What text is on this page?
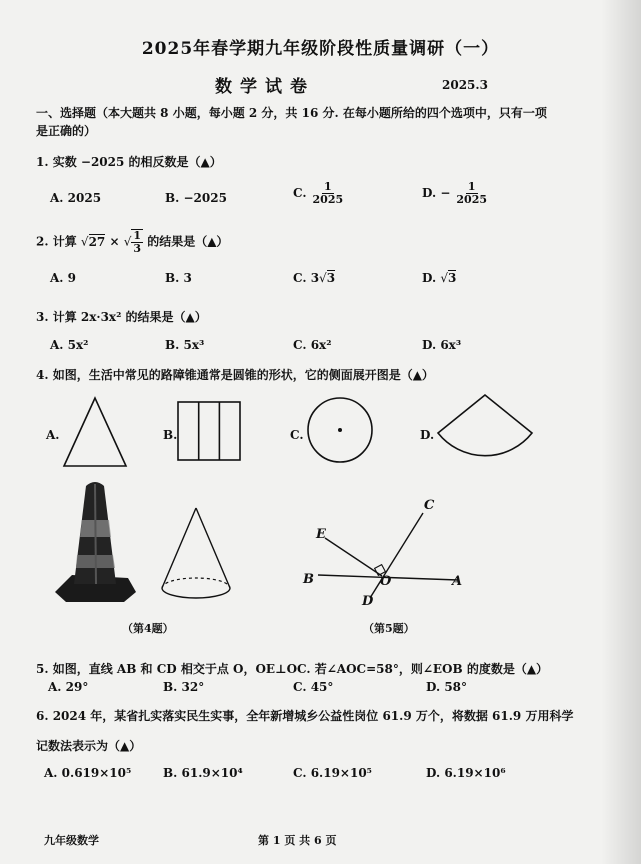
2025年春学期九年级阶段性质量调研（一）
数学试卷	2025.3
一、选择题（本大题共 8 小题，每小题 2 分，共 16 分. 在每小题所给的四个选项中，只有一项
是正确的）
1. 实数 −2025 的相反数是（▲）
A. 2025	B. −2025	C. $\frac{1}{2025}$	D. − $\frac{1}{2025}$
2. 计算 √27 × √ $\frac{1}{3}$ 的结果是（▲）
A. 9	B. 3	C. 3√3	D. √3
3. 计算 2x·3x² 的结果是（▲）
A. 5x²	B. 5x³	C. 6x²	D. 6x³
4. 如图，生活中常见的路障锥通常是圆锥的形状，它的侧面展开图是（▲）
A.	B.	C.	D.
（第4题）
E
C
B	O	A
D
（第5题）
5. 如图，直线 AB 和 CD 相交于点 O，OE⊥OC. 若∠AOC=58°，则∠EOB 的度数是（▲）
A. 29°	B. 32°	C. 45°	D. 58°
6. 2024 年，某省扎实落实民生实事，全年新增城乡公益性岗位 61.9 万个，将数据 61.9 万用科学
记数法表示为（▲）
A. 0.619×10⁵	B. 61.9×10⁴	C. 6.19×10⁵	D. 6.19×10⁶
九年级数学	第 1 页 共 6 页
